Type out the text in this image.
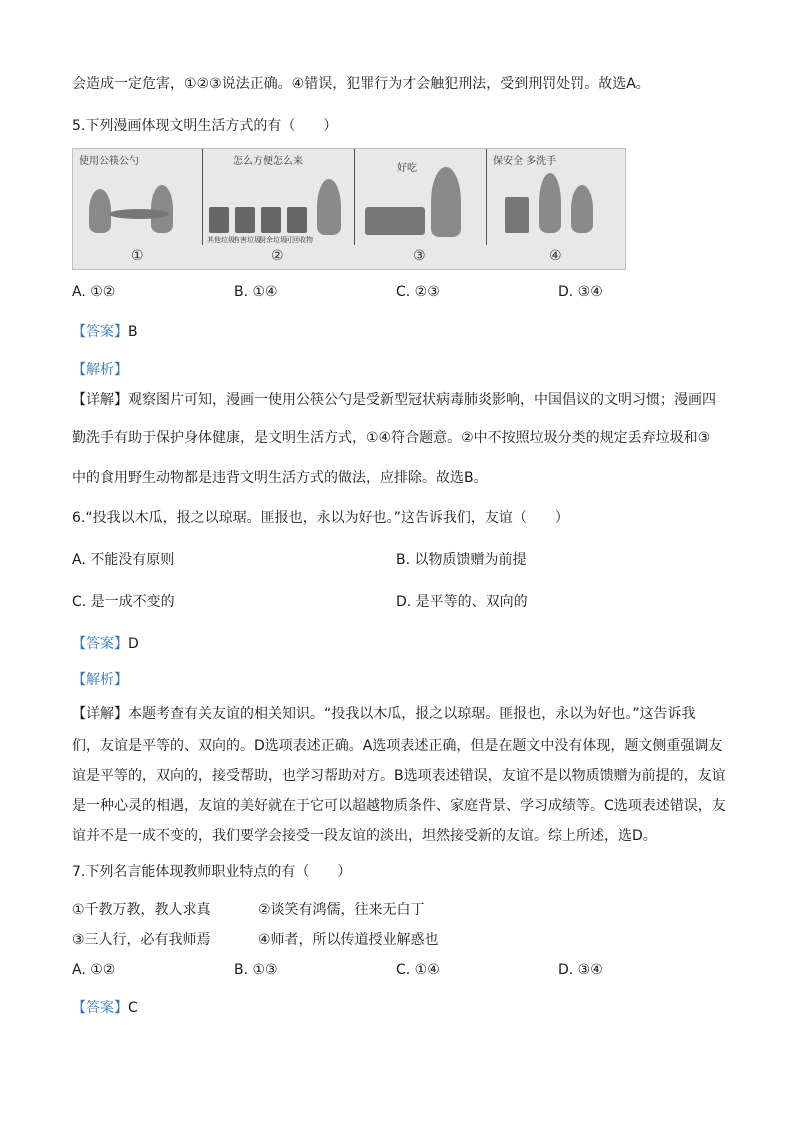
会造成一定危害，①②③说法正确。④错误，犯罪行为才会触犯刑法，受到刑罚处罚。故选A。
5.下列漫画体现文明生活方式的有（　　）
使用公筷公勺	怎么方便怎么来
其他垃圾
有害垃圾
厨余垃圾
可回收物
好吃
保安全 多洗手
①	②	③	④
A. ①②	B. ①④	C. ②③	D. ③④
【答案】B
【解析】
【详解】观察图片可知，漫画一使用公筷公勺是受新型冠状病毒肺炎影响，中国倡议的文明习惯；漫画四
勤洗手有助于保护身体健康，是文明生活方式，①④符合题意。②中不按照垃圾分类的规定丢弃垃圾和③
中的食用野生动物都是违背文明生活方式的做法，应排除。故选B。
6.“投我以木瓜，报之以琼琚。匪报也，永以为好也。”这告诉我们，友谊（　　）
A. 不能没有原则	B. 以物质馈赠为前提
C. 是一成不变的	D. 是平等的、双向的
【答案】D
【解析】
【详解】本题考查有关友谊的相关知识。“投我以木瓜，报之以琼琚。匪报也，永以为好也。”这告诉我
们，友谊是平等的、双向的。D选项表述正确。A选项表述正确，但是在题文中没有体现，题文侧重强调友
谊是平等的，双向的，接受帮助，也学习帮助对方。B选项表述错误，友谊不是以物质馈赠为前提的，友谊
是一种心灵的相遇，友谊的美好就在于它可以超越物质条件、家庭背景、学习成绩等。C选项表述错误，友
谊并不是一成不变的，我们要学会接受一段友谊的淡出，坦然接受新的友谊。综上所述，选D。
7.下列名言能体现教师职业特点的有（　　）
①千教万教，教人求真	②谈笑有鸿儒，往来无白丁
③三人行，必有我师焉	④师者，所以传道授业解惑也
A. ①②	B. ①③	C. ①④	D. ③④
【答案】C
